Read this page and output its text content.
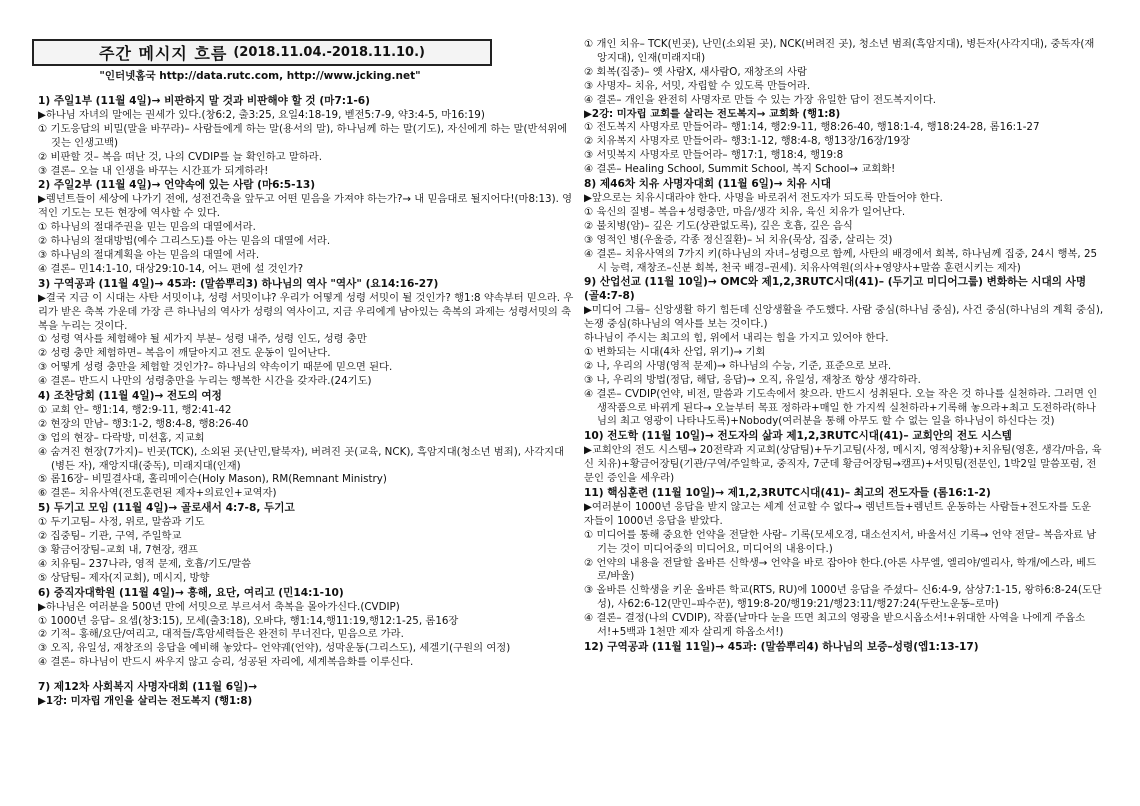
주간 메시지 흐름 (2018.11.04.-2018.11.10.)
"인터넷홈국 http://data.rutc.com, http://www.jcking.net"
1) 주일1부 (11월 4일)→ 비판하지 말 것과 비판해야 할 것 (마7:1-6)
▶하나님 자녀의 말에는 권세가 있다.(창6:2, 출3:25, 요일4:18-19, 벧전5:7-9, 약3:4-5, 마16:19)
① 기도응답의 비밀(말을 바꾸라)– 사람들에게 하는 말(용서의 말), 하나님께 하는 말(기도), 자신에게 하는 말(반석위에 짓는 인생고백)
② 비판할 것– 복음 떠난 것, 나의 CVDIP를 늘 확인하고 말하라.
③ 결론– 오늘 내 인생을 바꾸는 시간표가 되게하라!
2) 주일2부 (11월 4일)→ 언약속에 있는 사람 (마6:5-13)
▶렘넌트들이 세상에 나가기 전에, 성전건축을 앞두고 어떤 믿음을 가져야 하는가?→ 내 믿음대로 될지어다!(마8:13). 영적인 기도는 모든 현장에 역사할 수 있다.
① 하나님의 절대주권을 믿는 믿음의 대열에서라.
② 하나님의 절대방법(예수 그리스도)를 아는 믿음의 대열에 서라.
③ 하나님의 절대계획을 아는 믿음의 대열에 서라.
④ 결론– 민14:1-10, 대상29:10-14, 어느 편에 설 것인가?
3) 구역공과 (11월 4일)→ 45과: (말씀뿌리3) 하나님의 역사 "역사" (요14:16-27)
▶결국 지금 이 시대는 사탄 서밋이냐, 성령 서밋이냐? 우리가 어떻게 성령 서밋이 될 것인가? 행1:8 약속부터 믿으라. 우리가 받은 축복 가운데 가장 큰 하나님의 역사가 성령의 역사이고, 지금 우리에게 남아있는 축복의 과제는 성령서밋의 축복을 누리는 것이다.
① 성령 역사를 체험해야 될 세가지 부분– 성령 내주, 성령 인도, 성령 충만
② 성령 충만 체험하면– 복음이 깨달아지고 전도 운동이 일어난다.
③ 어떻게 성령 충만을 체험할 것인가?– 하나님의 약속이기 때문에 믿으면 된다.
④ 결론– 반드시 나만의 성령충만을 누리는 행복한 시간을 갖자라.(24기도)
4) 조찬당회 (11월 4일)→ 전도의 여정
① 교회 안– 행1:14, 행2:9-11, 행2:41-42
② 현장의 만남– 행3:1-2, 행8:4-8, 행8:26-40
③ 업의 현장– 다락방, 미션홈, 지교회
④ 숨겨진 현장(7가지)– 빈곳(TCK), 소외된 곳(난민,탈북자), 버려진 곳(교육, NCK), 흑암지대(청소년 범죄), 사각지대(병든 자), 재앙지대(중독), 미래지대(인재)
⑤ 롬16장– 비밀결사대, 홀리메이슨(Holy Mason), RM(Remnant Ministry)
⑥ 결론– 치유사역(전도훈련된 제자+의료인+교역자)
5) 두기고 모임 (11월 4일)→ 골로새서 4:7-8, 두기고
① 두기고팀– 사정, 위로, 말씀과 기도
② 집중팀– 기관, 구역, 주일학교
③ 황금어장팀–교회 내, 7현장, 캠프
④ 치유팀– 237나라, 영적 문제, 호흡/기도/말씀
⑤ 상담팀– 제자(지교회), 메시지, 방향
6) 중직자대학원 (11월 4일)→ 흥해, 요단, 여리고 (민14:1-10)
▶하나님은 여러분을 500년 만에 서밋으로 부르셔서 축복을 몰아가신다.(CVDIP)
① 1000년 응답– 요셉(창3:15), 모세(출3:18), 오바댜, 행1:14,행11:19,행12:1-25, 롬16장
② 기적– 홍해/요단/여리고, 대적들/흑암세력들은 완전히 무너진다, 믿음으로 가라.
③ 오직, 유일성, 재창조의 응답을 예비해 놓았다– 언약궤(언약), 성막운동(그리스도), 세겔기(구원의 여정)
④ 결론– 하나님이 반드시 싸우지 않고 승리, 성공된 자리에, 세계복음화를 이루신다.
7) 제12차 사회복지 사명자대회 (11월 6일)→
▶1강: 미자립 개인을 살리는 전도복지 (행1:8)
① 개인 치유– TCK(빈곳), 난민(소외된 곳), NCK(버려진 곳), 청소년 범죄(흑암지대), 병든자(사각지대), 중독자(재앙지대), 인재(미래지대)
② 회복(집중)– 옛 사람X, 새사람O, 재창조의 사람
③ 사명자– 치유, 서밋, 자립할 수 있도록 만들어라.
④ 결론– 개인을 완전히 사명자로 만들 수 있는 가장 유일한 답이 전도복지이다.
▶2강: 미자립 교회를 살리는 전도복지→ 교회화 (행1:8)
① 전도복지 사명자로 만들어라– 행1:14, 행2:9-11, 행8:26-40, 행18:1-4, 행18:24-28, 롬16:1-27
② 치유복지 사명자로 만들어라– 행3:1-12, 행8:4-8, 행13장/16장/19장
③ 서밋복지 사명자로 만들어라– 행17:1, 행18:4, 행19:8
④ 결론– Healing School, Summit School, 복지 School→ 교회화!
8) 제46차 치유 사명자대회 (11월 6일)→ 치유 시대
▶앞으로는 치유시대라야 한다. 사명을 바로쥐서 전도자가 되도록 만들어야 한다.
① 육신의 질병– 복음+성령충만, 마음/생각 치유, 육신 치유가 일어난다.
② 불치병(암)– 깊은 기도(상관없도록), 깊은 호흡, 깊은 음식
③ 영적인 병(우울증, 각종 정신질환)– 뇌 치유(묵상, 집중, 살리는 것)
④ 결론– 치유사역의 7가지 키(하나님의 자녀–성령으로 함께, 사탄의 배경에서 회복, 하나님께 집중, 24시 행복, 25시 능력, 재창조–신분 회복, 천국 배경–권세). 치유사역원(의사+영양사+말씀 훈련시키는 제자)
9) 산업선교 (11월 10일)→ OMC와 제1,2,3RUTC시대(41)– (두기고 미디어그룹) 변화하는 시대의 사명 (골4:7-8)
▶미디어 그룹– 신앙생활 하기 힘든데 신앙생활을 주도했다. 사람 중심(하나님 중심), 사건 중심(하나님의 계획 중심), 논쟁 중심(하나님의 역사를 보는 것이다.)
하나님이 주시는 최고의 힘, 위에서 내리는 힘을 가지고 있어야 한다.
① 변화되는 시대(4차 산업, 위기)→ 기회
② 나, 우리의 사명(영적 문제)→ 하나님의 수능, 기준, 표준으로 보라.
③ 나, 우리의 방법(정답, 해답, 응답)→ 오직, 유일성, 재창조 항상 생각하라.
④ 결론– CVDIP(언약, 비전, 말씀과 기도속에서 찾으라. 반드시 성취된다. 오늘 작은 것 하나를 실천하라. 그러면 인생작품으로 바뀌게 된다→ 오늘부터 목표 정하라+매일 한 가지씩 실천하라+기록해 놓으라+최고 도전하라(하나님의 최고 영광이 나타나도록)+Nobody(여러분을 통해 아무도 할 수 없는 일을 하나님이 하신다는 것)
10) 전도학 (11월 10일)→ 전도자의 삶과 제1,2,3RUTC시대(41)– 교회안의 전도 시스템
▶교회안의 전도 시스템→ 20전략과 지교회(상담팀)+두기고팀(사정, 메시지, 영적상황)+치유팀(영혼, 생각/마음, 육신 치유)+황금어장팀(기관/구역/주일학교, 중직자, 7군데 황금어장팀→캠프)+서밋팀(전문인, 1박2일 말씀포럼, 전문인 증인을 세우라)
11) 핵심훈련 (11월 10일)→ 제1,2,3RUTC시대(41)– 최고의 전도자들 (롬16:1-2)
▶여러분이 1000년 응답을 받지 않고는 세계 선교할 수 없다→ 렘넌트들+렘넌트 운동하는 사람들+전도자를 도운 자들이 1000년 응답을 받았다.
① 미디어를 통해 중요한 언약을 전달한 사람– 기록(모세오경, 대소선지서, 바울서신 기록→ 언약 전달– 복음자료 남기는 것이 미디어중의 미디어요, 미디어의 내용이다.)
② 언약의 내용을 전달할 올바른 신학생→ 언약을 바로 잡아야 한다.(아론 사무엘, 엘리야/엘리사, 학개/에스라, 베드로/바울)
③ 올바른 신학생을 키운 올바른 학교(RTS, RU)에 1000년 응답을 주셨다– 신6:4-9, 삼상7:1-15, 왕하6:8-24(도단성), 사62:6-12(만민–파수꾼), 행19:8-20/행19:21/행23:11/행27:24(두란노운동–로마)
④ 결론– 결정(나의 CVDIP), 작품(날마다 눈을 뜨면 최고의 영광을 받으시옵소서!+위대한 사역을 나에게 주옵소서!+5백과 1천만 제자 살리게 하옵소서!)
12) 구역공과 (11월 11일)→ 45과: (말씀뿌리4) 하나님의 보증–성령(엡1:13-17)
